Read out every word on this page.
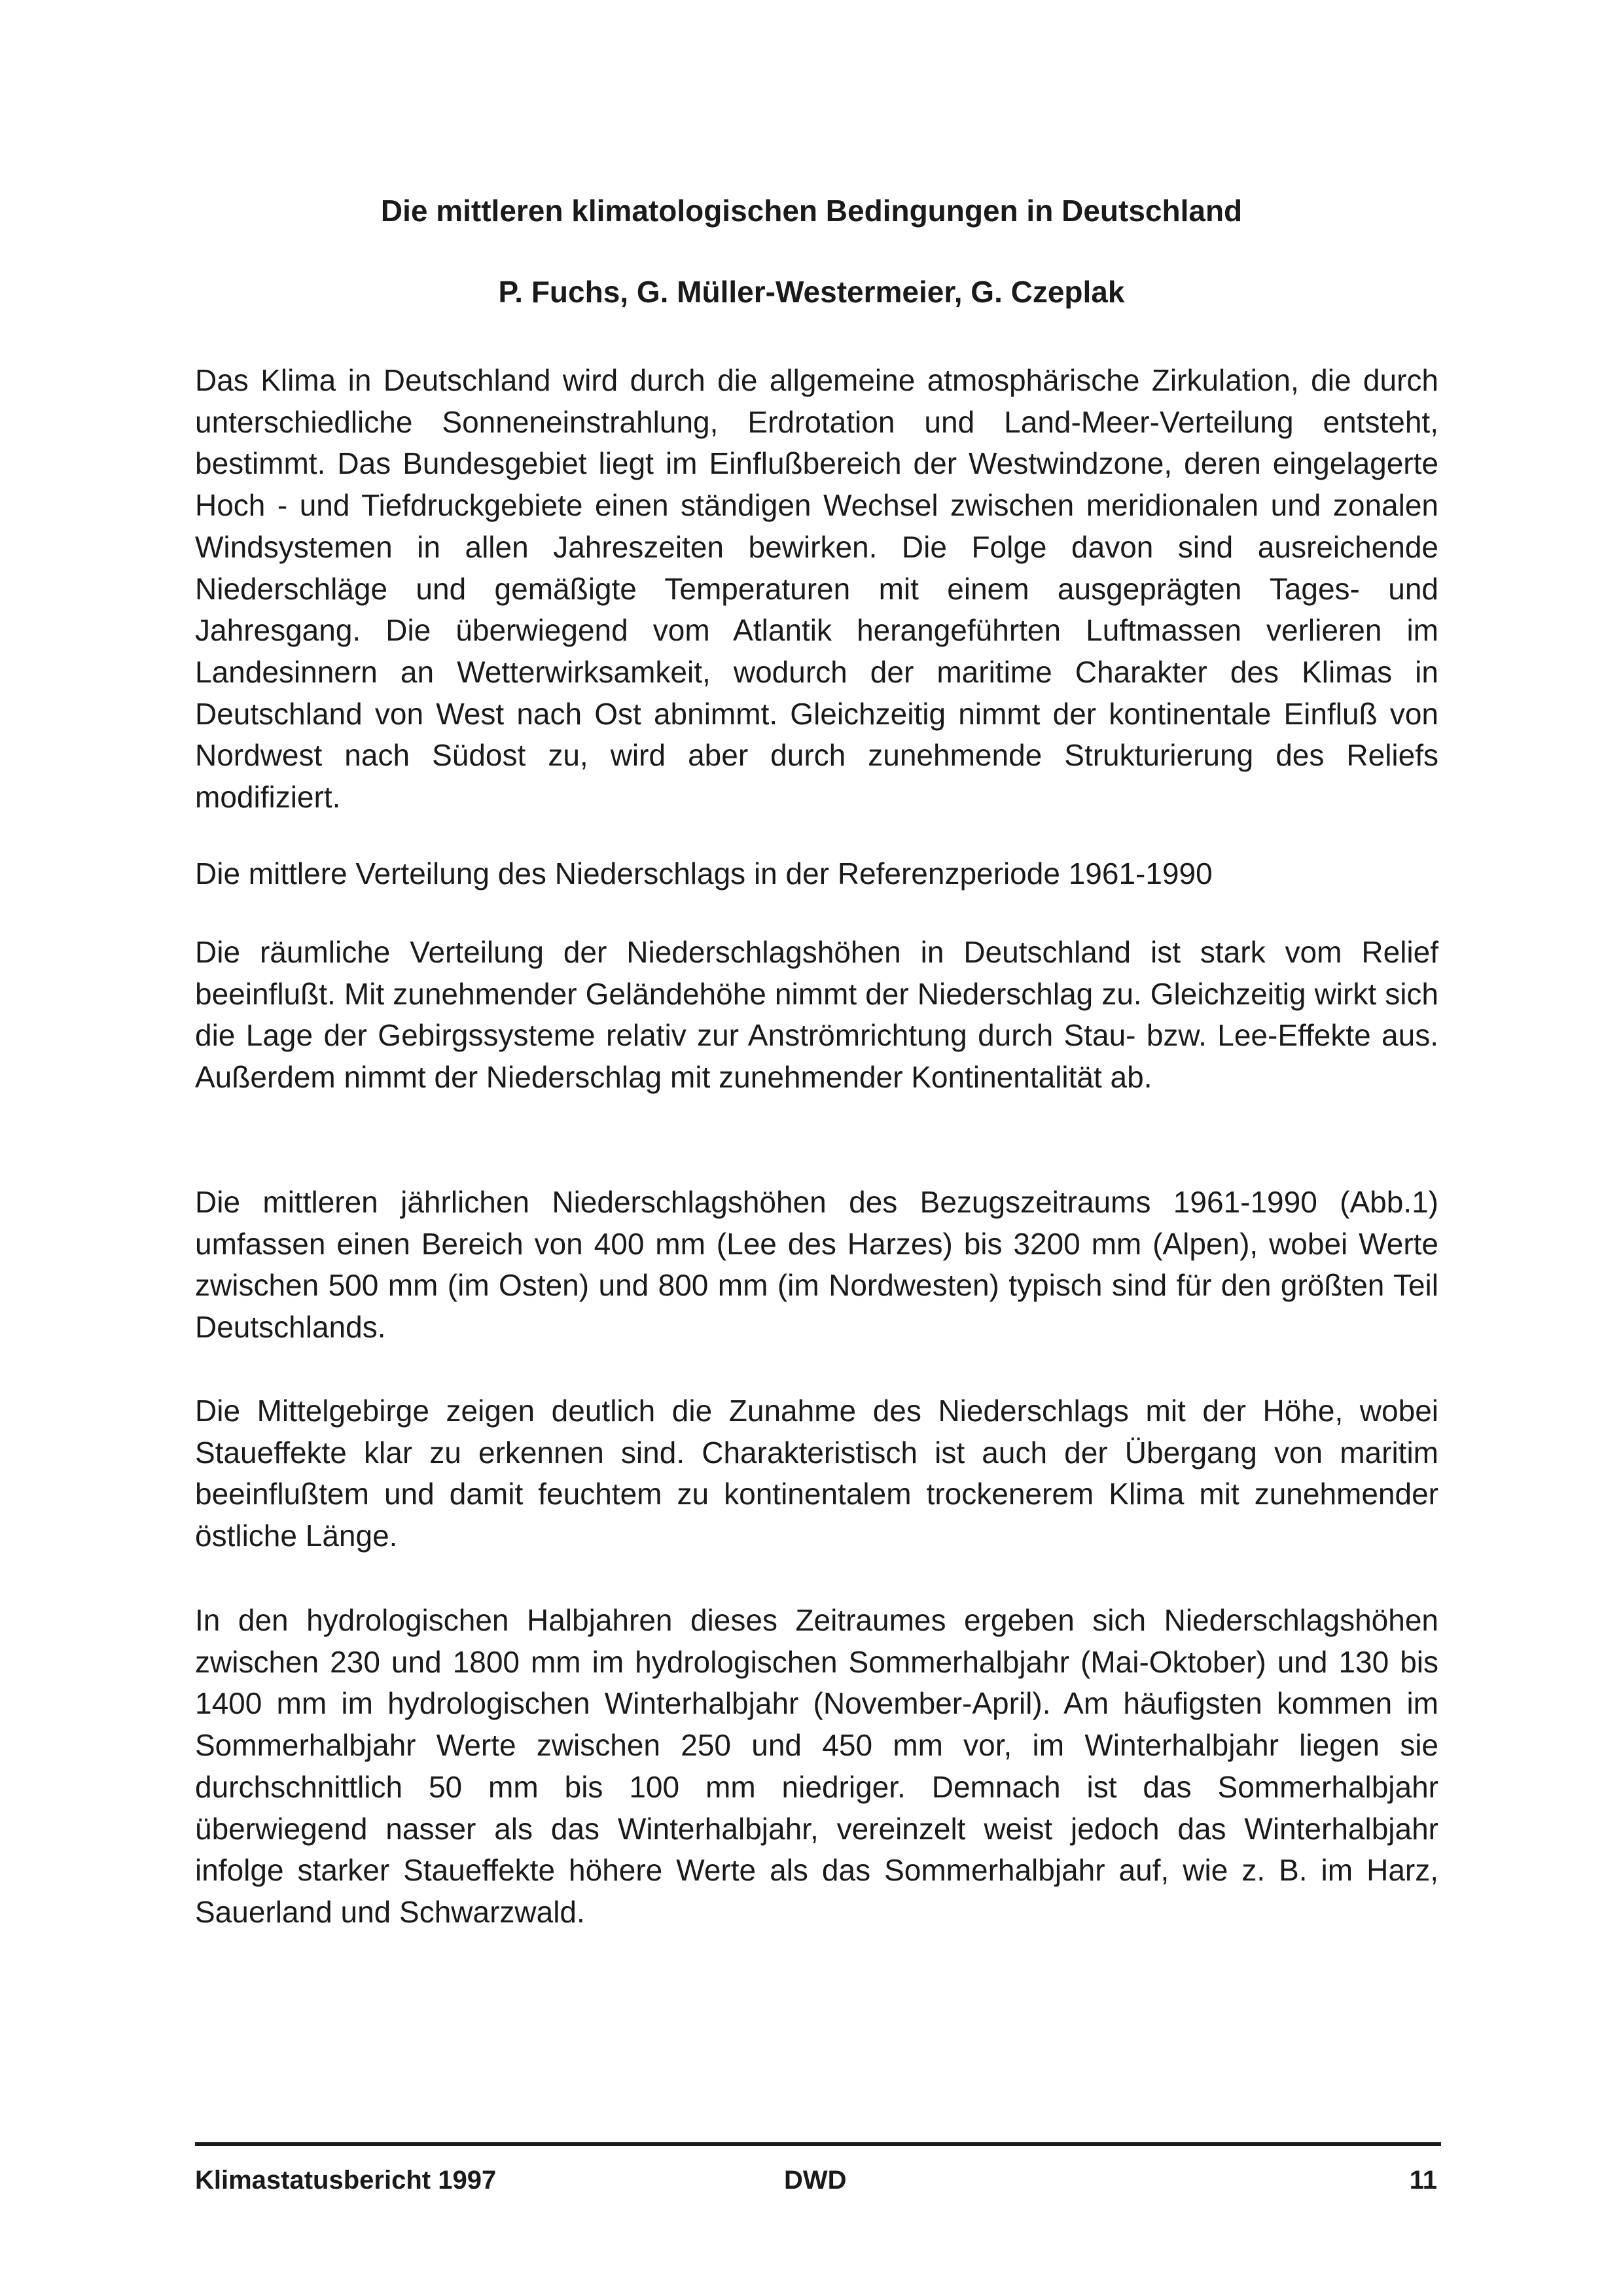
Die mittleren klimatologischen Bedingungen in Deutschland
P. Fuchs, G. Müller-Westermeier, G. Czeplak

Das Klima in Deutschland wird durch die allgemeine atmosphärische Zirkulation, die durch unterschiedliche Sonneneinstrahlung, Erdrotation und Land-Meer-Verteilung entsteht, bestimmt. Das Bundesgebiet liegt im Einflußbereich der Westwindzone, deren eingelagerte Hoch - und Tiefdruckgebiete einen ständigen Wechsel zwischen meridionalen und zonalen Windsystemen in allen Jahreszeiten bewirken. Die Folge davon sind ausreichende Niederschläge und gemäßigte Temperaturen mit einem ausgeprägten Tages- und Jahresgang. Die überwiegend vom Atlantik herangeführten Luftmassen verlieren im Landesinnern an Wetterwirksamkeit, wodurch der maritime Charakter des Klimas in Deutschland von West nach Ost abnimmt. Gleichzeitig nimmt der kontinentale Einfluß von Nordwest nach Südost zu, wird aber durch zunehmende Strukturierung des Reliefs modifiziert.

Die mittlere Verteilung des Niederschlags in der Referenzperiode 1961-1990

Die räumliche Verteilung der Niederschlagshöhen in Deutschland ist stark vom Relief beeinflußt. Mit zunehmender Geländehöhe nimmt der Niederschlag zu. Gleichzeitig wirkt sich die Lage der Gebirgssysteme relativ zur Anströmrichtung durch Stau- bzw. Lee-Effekte aus. Außerdem nimmt der Niederschlag mit zunehmender Kontinentalität ab.

Die mittleren jährlichen Niederschlagshöhen des Bezugszeitraums 1961-1990 (Abb.1) umfassen einen Bereich von 400 mm (Lee des Harzes) bis 3200 mm (Alpen), wobei Werte zwischen 500 mm (im Osten) und 800 mm (im Nordwesten) typisch sind für den größten Teil Deutschlands.

Die Mittelgebirge zeigen deutlich die Zunahme des Niederschlags mit der Höhe, wobei Staueffekte klar zu erkennen sind. Charakteristisch ist auch der Übergang von maritim beeinflußtem und damit feuchtem zu kontinentalem trockenerem Klima mit zunehmender östliche Länge.

In den hydrologischen Halbjahren dieses Zeitraumes ergeben sich Niederschlagshöhen zwischen 230 und 1800 mm im hydrologischen Sommerhalbjahr (Mai-Oktober) und 130 bis 1400 mm im hydrologischen Winterhalbjahr (November-April). Am häufigsten kommen im Sommerhalbjahr Werte zwischen 250 und 450 mm vor, im Winterhalbjahr liegen sie durchschnittlich 50 mm bis 100 mm niedriger. Demnach ist das Sommerhalbjahr überwiegend nasser als das Winterhalbjahr, vereinzelt weist jedoch das Winterhalbjahr infolge starker Staueffekte höhere Werte als das Sommerhalbjahr auf, wie z. B. im Harz, Sauerland und Schwarzwald.

Klimastatusbericht 1997	DWD	11
